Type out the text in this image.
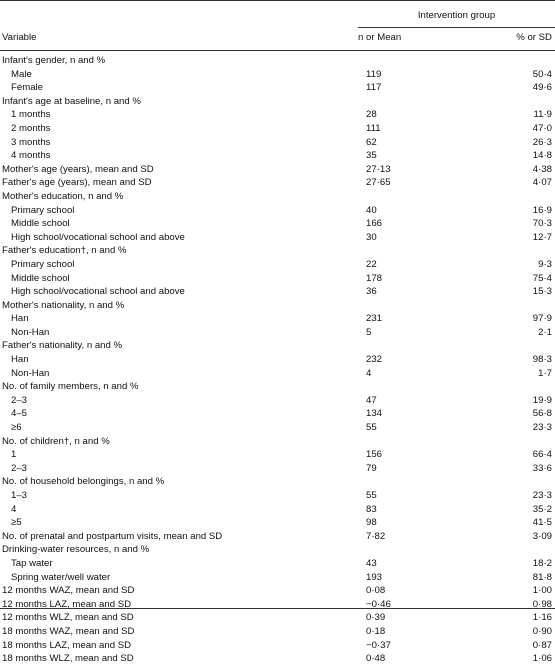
Intervention group
Variable	n or Mean	% or SD
Infant's gender, n and %
Male	119	50·4
Female	117	49·6
Infant's age at baseline, n and %
1 months	28	11·9
2 months	111	47·0
3 months	62	26·3
4 months	35	14·8
Mother's age (years), mean and SD	27·13	4·38
Father's age (years), mean and SD	27·65	4·07
Mother's education, n and %
Primary school	40	16·9
Middle school	166	70·3
High school/vocational school and above	30	12·7
Father's education†, n and %
Primary school	22	9·3
Middle school	178	75·4
High school/vocational school and above	36	15·3
Mother's nationality, n and %
Han	231	97·9
Non-Han	5	2·1
Father's nationality, n and %
Han	232	98·3
Non-Han	4	1·7
No. of family members, n and %
2–3	47	19·9
4–5	134	56·8
≥6	55	23·3
No. of children†, n and %
1	156	66·4
2–3	79	33·6
No. of household belongings, n and %
1–3	55	23·3
4	83	35·2
≥5	98	41·5
No. of prenatal and postpartum visits, mean and SD	7·82	3·09
Drinking-water resources, n and %
Tap water	43	18·2
Spring water/well water	193	81·8
12 months WAZ, mean and SD	0·08	1·00
12 months LAZ, mean and SD	−0·46	0·98
12 months WLZ, mean and SD	0·39	1·16
18 months WAZ, mean and SD	0·18	0·90
18 months LAZ, mean and SD	−0·37	0·87
18 months WLZ, mean and SD	0·48	1·06
